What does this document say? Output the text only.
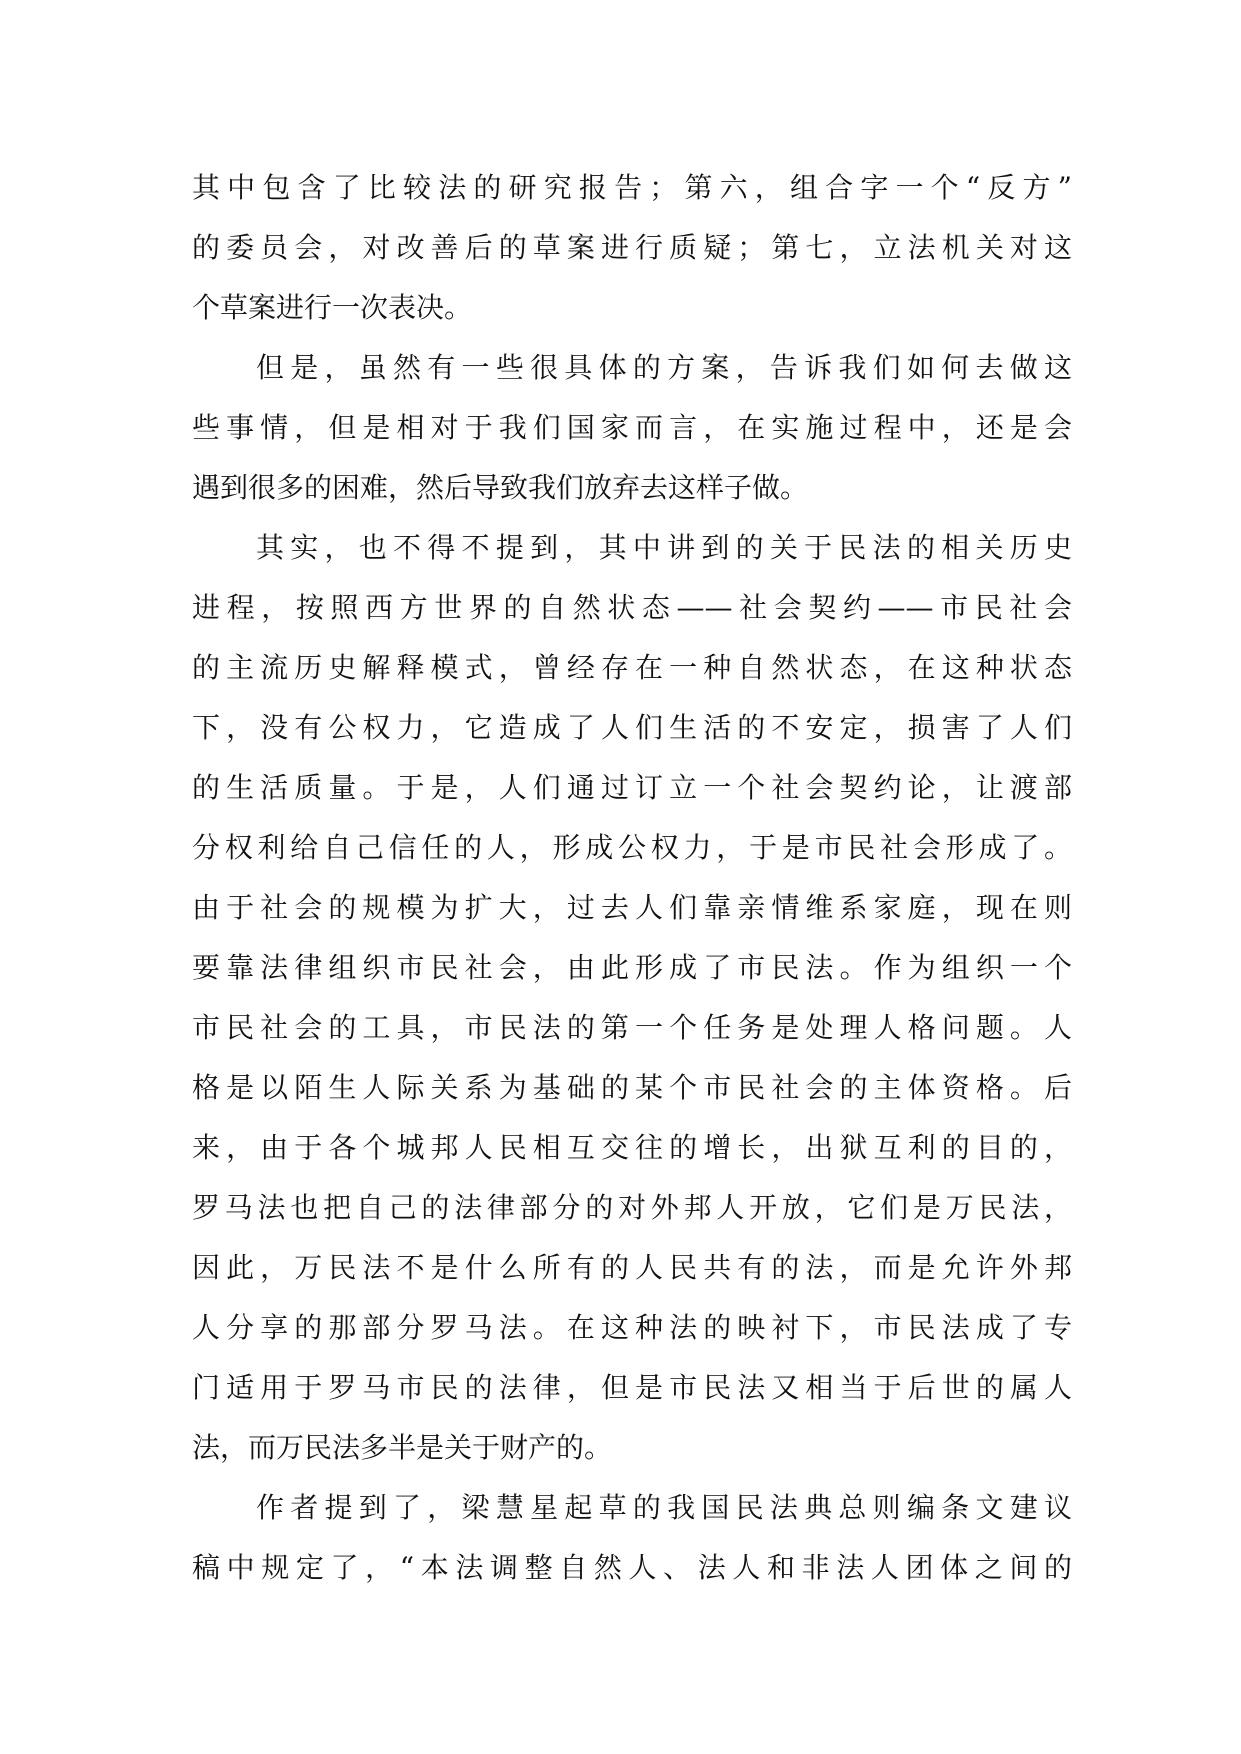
其中包含了比较法的研究报告；第六，组合字一个“反方”
的委员会，对改善后的草案进行质疑；第七，立法机关对这
个草案进行一次表决。
但是，虽然有一些很具体的方案，告诉我们如何去做这
些事情，但是相对于我们国家而言，在实施过程中，还是会
遇到很多的困难，然后导致我们放弃去这样子做。
其实，也不得不提到，其中讲到的关于民法的相关历史
进程，按照西方世界的自然状态——社会契约——市民社会
的主流历史解释模式，曾经存在一种自然状态，在这种状态
下，没有公权力，它造成了人们生活的不安定，损害了人们
的生活质量。于是，人们通过订立一个社会契约论，让渡部
分权利给自己信任的人，形成公权力，于是市民社会形成了。
由于社会的规模为扩大，过去人们靠亲情维系家庭，现在则
要靠法律组织市民社会，由此形成了市民法。作为组织一个
市民社会的工具，市民法的第一个任务是处理人格问题。人
格是以陌生人际关系为基础的某个市民社会的主体资格。后
来，由于各个城邦人民相互交往的增长，出狱互利的目的，
罗马法也把自己的法律部分的对外邦人开放，它们是万民法，
因此，万民法不是什么所有的人民共有的法，而是允许外邦
人分享的那部分罗马法。在这种法的映衬下，市民法成了专
门适用于罗马市民的法律，但是市民法又相当于后世的属人
法，而万民法多半是关于财产的。
作者提到了，梁慧星起草的我国民法典总则编条文建议
稿中规定了，“本法调整自然人、法人和非法人团体之间的
